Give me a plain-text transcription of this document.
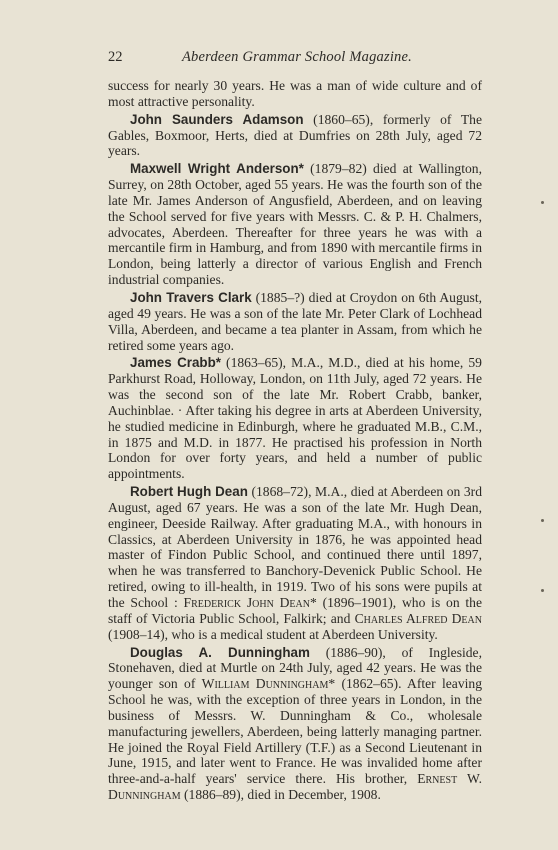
22	Aberdeen Grammar School Magazine.

success for nearly 30 years. He was a man of wide culture and of most attractive personality.

John Saunders Adamson (1860–65), formerly of The Gables, Boxmoor, Herts, died at Dumfries on 28th July, aged 72 years.

Maxwell Wright Anderson* (1879–82) died at Wallington, Surrey, on 28th October, aged 55 years. He was the fourth son of the late Mr. James Anderson of Angusfield, Aberdeen, and on leaving the School served for five years with Messrs. C. & P. H. Chalmers, advocates, Aberdeen. Thereafter for three years he was with a mercantile firm in Hamburg, and from 1890 with mercantile firms in London, being latterly a director of various English and French industrial companies.

John Travers Clark (1885–?) died at Croydon on 6th August, aged 49 years. He was a son of the late Mr. Peter Clark of Lochhead Villa, Aberdeen, and became a tea planter in Assam, from which he retired some years ago.

James Crabb* (1863–65), M.A., M.D., died at his home, 59 Parkhurst Road, Holloway, London, on 11th July, aged 72 years. He was the second son of the late Mr. Robert Crabb, banker, Auchinblae. · After taking his degree in arts at Aberdeen University, he studied medicine in Edinburgh, where he graduated M.B., C.M., in 1875 and M.D. in 1877. He practised his profession in North London for over forty years, and held a number of public appointments.

Robert Hugh Dean (1868–72), M.A., died at Aberdeen on 3rd August, aged 67 years. He was a son of the late Mr. Hugh Dean, engineer, Deeside Railway. After graduating M.A., with honours in Classics, at Aberdeen University in 1876, he was appointed head master of Findon Public School, and continued there until 1897, when he was transferred to Banchory-Devenick Public School. He retired, owing to ill-health, in 1919. Two of his sons were pupils at the School : Frederick John Dean* (1896–1901), who is on the staff of Victoria Public School, Falkirk; and Charles Alfred Dean (1908–14), who is a medical student at Aberdeen University.

Douglas A. Dunningham (1886–90), of Ingleside, Stonehaven, died at Murtle on 24th July, aged 42 years. He was the younger son of William Dunningham* (1862–65). After leaving School he was, with the exception of three years in London, in the business of Messrs. W. Dunningham & Co., wholesale manufacturing jewellers, Aberdeen, being latterly managing partner. He joined the Royal Field Artillery (T.F.) as a Second Lieutenant in June, 1915, and later went to France. He was invalided home after three-and-a-half years' service there. His brother, Ernest W. Dunningham (1886–89), died in December, 1908.
